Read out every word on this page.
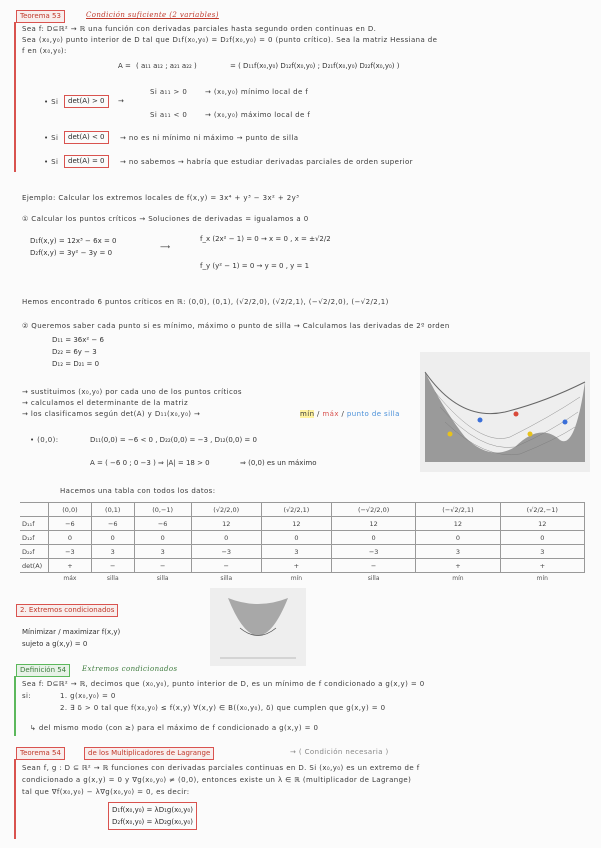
Teorema 53	Condición suficiente (2 variables)
Sea f: D⊆ℝ² → ℝ una función con derivadas parciales hasta segundo orden continuas en D.
Sea (x₀,y₀) punto interior de D tal que D₁f(x₀,y₀) = D₂f(x₀,y₀) = 0 (punto crítico). Sea la matriz Hessiana de
f en (x₀,y₀):
A = ( a₁₁ a₁₂ ; a₂₁ a₂₂ )	= ( D₁₁f(x₀,y₀) D₁₂f(x₀,y₀) ; D₂₁f(x₀,y₀) D₂₂f(x₀,y₀) )
• Si	det(A) > 0	→
Si a₁₁ > 0	→ (x₀,y₀) mínimo local de f
Si a₁₁ < 0	→ (x₀,y₀) máximo local de f
• Si	det(A) < 0	→ no es ni mínimo ni máximo → punto de silla
• Si	det(A) = 0	→ no sabemos → habría que estudiar derivadas parciales de orden superior
Ejemplo: Calcular los extremos locales de f(x,y) = 3x⁴ + y³ − 3x² + 2y³
① Calcular los puntos críticos → Soluciones de derivadas = igualamos a 0
D₁f(x,y) = 12x³ − 6x = 0
D₂f(x,y) = 3y² − 3y = 0
⟶
f_x (2x² − 1) = 0 → x = 0 , x = ±√2/2
f_y (y² − 1) = 0 → y = 0 , y = 1
Hemos encontrado 6 puntos críticos en ℝ: (0,0), (0,1), (√2/2,0), (√2/2,1), (−√2/2,0), (−√2/2,1)
② Queremos saber cada punto si es mínimo, máximo o punto de silla → Calculamos las derivadas de 2º orden
D₁₁ = 36x² − 6
D₂₂ = 6y − 3
D₁₂ = D₂₁ = 0
→ sustituimos (x₀,y₀) por cada uno de los puntos críticos
→ calculamos el determinante de la matriz
→ los clasificamos según det(A) y D₁₁(x₀,y₀) →	mín / máx / punto de silla
• (0,0):	D₁₁(0,0) = −6 < 0 , D₂₂(0,0) = −3 , D₁₂(0,0) = 0
A = ( −6 0 ; 0 −3 ) ⇒ |A| = 18 > 0	⇒ (0,0) es un máximo
Hacemos una tabla con todos los datos:
	(0,0)	(0,1)	(0,−1)	(√2/2,0)	(√2/2,1)	(−√2/2,0)	(−√2/2,1)	(√2/2,−1)
D₁₁f	−6	−6	−6	12	12	12	12	12
D₁₂f	0	0	0	0	0	0	0	0
D₂₂f	−3	3	3	−3	3	−3	3	3
det(A)	+	−	−	−	+	−	+	+
	máx	silla	silla	silla	mín	silla	mín	mín
2. Extremos condicionados
Mínimizar / maximizar f(x,y)
sujeto a g(x,y) = 0
Definición 54	Extremos condicionados
Sea f: D⊆ℝ² → ℝ, decimos que (x₀,y₀), punto interior de D, es un mínimo de f condicionado a g(x,y) = 0
si:	1. g(x₀,y₀) = 0
2. ∃ δ > 0 tal que f(x₀,y₀) ≤ f(x,y) ∀(x,y) ∈ B((x₀,y₀), δ) que cumplen que g(x,y) = 0
↳ del mismo modo (con ≥) para el máximo de f condicionado a g(x,y) = 0
Teorema 54	de los Multiplicadores de Lagrange	→ ( Condición necesaria )
Sean f, g : D ⊆ ℝ² → ℝ funciones con derivadas parciales continuas en D. Si (x₀,y₀) es un extremo de f
condicionado a g(x,y) = 0 y ∇g(x₀,y₀) ≠ (0,0), entonces existe un λ ∈ ℝ (multiplicador de Lagrange)
tal que ∇f(x₀,y₀) − λ∇g(x₀,y₀) = 0, es decir:
D₁f(x₀,y₀) = λD₁g(x₀,y₀)
D₂f(x₀,y₀) = λD₂g(x₀,y₀)
